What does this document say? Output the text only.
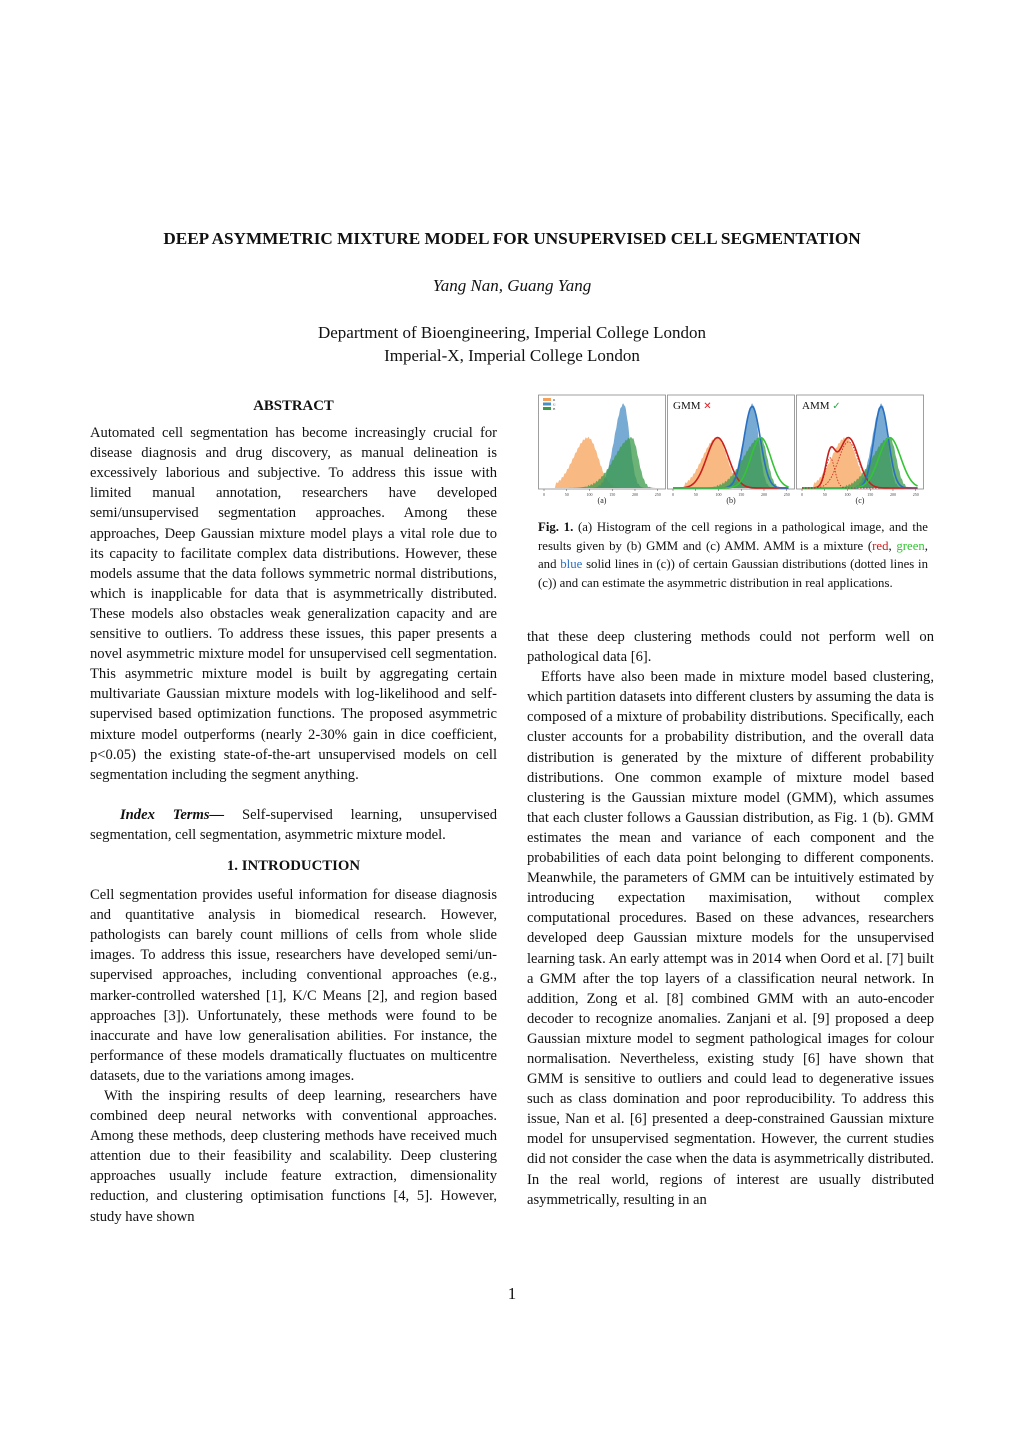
DEEP ASYMMETRIC MIXTURE MODEL FOR UNSUPERVISED CELL SEGMENTATION
Yang Nan, Guang Yang
Department of Bioengineering, Imperial College London
Imperial-X, Imperial College London
ABSTRACT

Automated cell segmentation has become increasingly crucial for disease diagnosis and drug discovery, as manual delineation is excessively laborious and subjective. To address this issue with limited manual annotation, researchers have developed semi/unsupervised segmentation approaches. Among these approaches, Deep Gaussian mixture model plays a vital role due to its capacity to facilitate complex data distributions. However, these models assume that the data follows symmetric normal distributions, which is inapplicable for data that is asymmetrically distributed. These models also obstacles weak generalization capacity and are sensitive to outliers. To address these issues, this paper presents a novel asymmetric mixture model for unsupervised cell segmentation. This asymmetric mixture model is built by aggregating certain multivariate Gaussian mixture models with log-likelihood and self-supervised based optimization functions. The proposed asymmetric mixture model outperforms (nearly 2-30% gain in dice coefficient, p<0.05) the existing state-of-the-art unsupervised models on cell segmentation including the segment anything.

Index Terms— Self-supervised learning, unsupervised segmentation, cell segmentation, asymmetric mixture model.

1. INTRODUCTION

Cell segmentation provides useful information for disease diagnosis and quantitative analysis in biomedical research. However, pathologists can barely count millions of cells from whole slide images. To address this issue, researchers have developed semi/un-supervised approaches, including conventional approaches (e.g., marker-controlled watershed [1], K/C Means [2], and region based approaches [3]). Unfortunately, these methods were found to be inaccurate and have low generalisation abilities. For instance, the performance of these models dramatically fluctuates on multicentre datasets, due to the variations among images.

With the inspiring results of deep learning, researchers have combined deep neural networks with conventional approaches. Among these methods, deep clustering methods have received much attention due to their feasibility and scalability. Deep clustering approaches usually include feature extraction, dimensionality reduction, and clustering optimisation functions [4, 5]. However, study have shown

0	50	100	150	200	250
(a)
R
G
B
0	50	100	150	200	250
(b)
GMM ✕
0	50	100	150	200	250
(c)
AMM ✓
Fig. 1. (a) Histogram of the cell regions in a pathological image, and the results given by (b) GMM and (c) AMM. AMM is a mixture (red, green, and blue solid lines in (c)) of certain Gaussian distributions (dotted lines in (c)) and can estimate the asymmetric distribution in real applications.

that these deep clustering methods could not perform well on pathological data [6].

Efforts have also been made in mixture model based clustering, which partition datasets into different clusters by assuming the data is composed of a mixture of probability distributions. Specifically, each cluster accounts for a probability distribution, and the overall data distribution is generated by the mixture of different probability distributions. One common example of mixture model based clustering is the Gaussian mixture model (GMM), which assumes that each cluster follows a Gaussian distribution, as Fig. 1 (b). GMM estimates the mean and variance of each component and the probabilities of each data point belonging to different components. Meanwhile, the parameters of GMM can be intuitively estimated by introducing expectation maximisation, without complex computational procedures. Based on these advances, researchers developed deep Gaussian mixture models for the unsupervised learning task. An early attempt was in 2014 when Oord et al. [7] built a GMM after the top layers of a classification neural network. In addition, Zong et al. [8] combined GMM with an auto-encoder decoder to recognize anomalies. Zanjani et al. [9] proposed a deep Gaussian mixture model to segment pathological images for colour normalisation. Nevertheless, existing study [6] have shown that GMM is sensitive to outliers and could lead to degenerative issues such as class domination and poor reproducibility. To address this issue, Nan et al. [6] presented a deep-constrained Gaussian mixture model for unsupervised segmentation. However, the current studies did not consider the case when the data is asymmetrically distributed. In the real world, regions of interest are usually distributed asymmetrically, resulting in an

1
